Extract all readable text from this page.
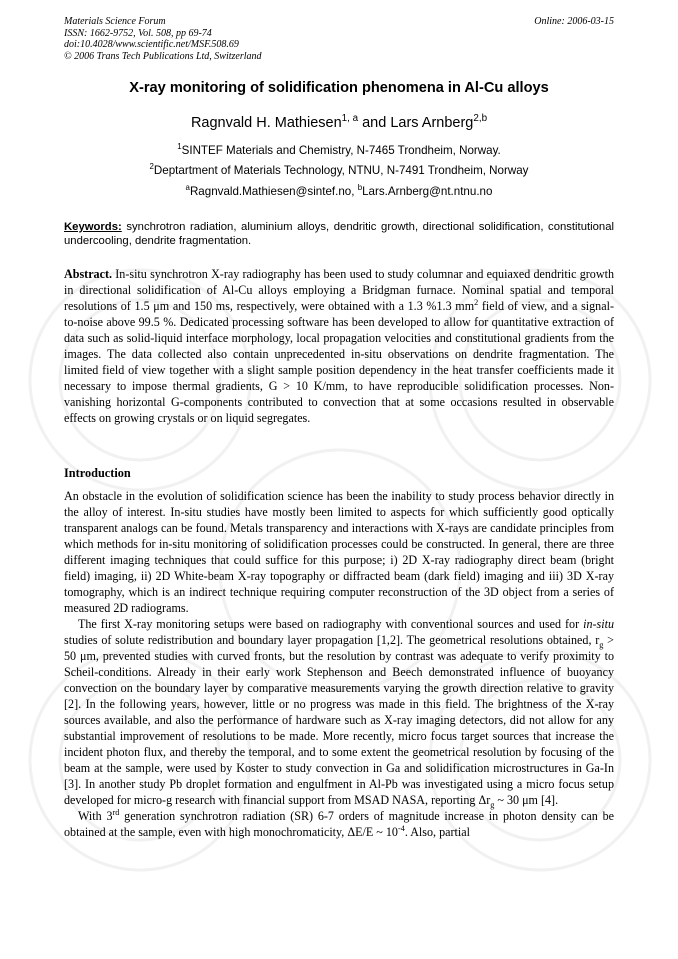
Materials Science Forum
ISSN: 1662-9752, Vol. 508, pp 69-74
doi:10.4028/www.scientific.net/MSF.508.69
© 2006 Trans Tech Publications Ltd, Switzerland
Online: 2006-03-15
X-ray monitoring of solidification phenomena in Al-Cu alloys
Ragnvald H. Mathiesen$^{1, a}$ and Lars Arnberg$^{2,b}$
$^1$SINTEF Materials and Chemistry, N-7465 Trondheim, Norway.
$^2$Deptartment of Materials Technology, NTNU, N-7491 Trondheim, Norway
$^a$Ragnvald.Mathiesen@sintef.no, $^b$Lars.Arnberg@nt.ntnu.no
Keywords: synchrotron radiation, aluminium alloys, dendritic growth, directional solidification, constitutional undercooling, dendrite fragmentation.
Abstract. In-situ synchrotron X-ray radiography has been used to study columnar and equiaxed dendritic growth in directional solidification of Al-Cu alloys employing a Bridgman furnace. Nominal spatial and temporal resolutions of 1.5 μm and 150 ms, respectively, were obtained with a 1.3 %1.3 $mm^2$ field of view, and a signal-to-noise above 99.5 %. Dedicated processing software has been developed to allow for quantitative extraction of data such as solid-liquid interface morphology, local propagation velocities and constitutional gradients from the images. The data collected also contain unprecedented in-situ observations on dendrite fragmentation. The limited field of view together with a slight sample position dependency in the heat transfer coefficients made it necessary to impose thermal gradients, G > 10 K/mm, to have reproducible solidification processes. Non-vanishing horizontal G-components contributed to convection that at some occasions resulted in observable effects on growing crystals or on liquid segregates.
Introduction

An obstacle in the evolution of solidification science has been the inability to study process behavior directly in the alloy of interest. In-situ studies have mostly been limited to aspects for which sufficiently good optically transparent analogs can be found. Metals transparency and interactions with X-rays are candidate principles from which methods for in-situ monitoring of solidification processes could be constructed. In general, there are three different imaging techniques that could suffice for this purpose; i) 2D X-ray radiography direct beam (bright field) imaging, ii) 2D White-beam X-ray topography or diffracted beam (dark field) imaging and iii) 3D X-ray tomography, which is an indirect technique requiring computer reconstruction of the 3D object from a series of measured 2D radiograms.

The first X-ray monitoring setups were based on radiography with conventional sources and used for in-situ studies of solute redistribution and boundary layer propagation [1,2]. The geometrical resolutions obtained, $r_g > 50$ μm, prevented studies with curved fronts, but the resolution by contrast was adequate to verify proximity to Scheil-conditions. Already in their early work Stephenson and Beech demonstrated influence of buoyancy convection on the boundary layer by comparative measurements varying the growth direction relative to gravity [2]. In the following years, however, little or no progress was made in this field. The brightness of the X-ray sources available, and also the performance of hardware such as X-ray imaging detectors, did not allow for any substantial improvement of resolutions to be made. More recently, micro focus target sources that increase the incident photon flux, and thereby the temporal, and to some extent the geometrical resolution by focusing of the beam at the sample, were used by Koster to study convection in Ga and solidification microstructures in Ga-In [3]. In another study Pb droplet formation and engulfment in Al-Pb was investigated using a micro focus setup developed for micro-g research with financial support from MSAD NASA, reporting $\Delta r_g$ ~ 30 μm [4].

With 3rd generation synchrotron radiation (SR) 6-7 orders of magnitude increase in photon density can be obtained at the sample, even with high monochromaticity, ΔE/E ~ $10^{-4}$. Also, partial
